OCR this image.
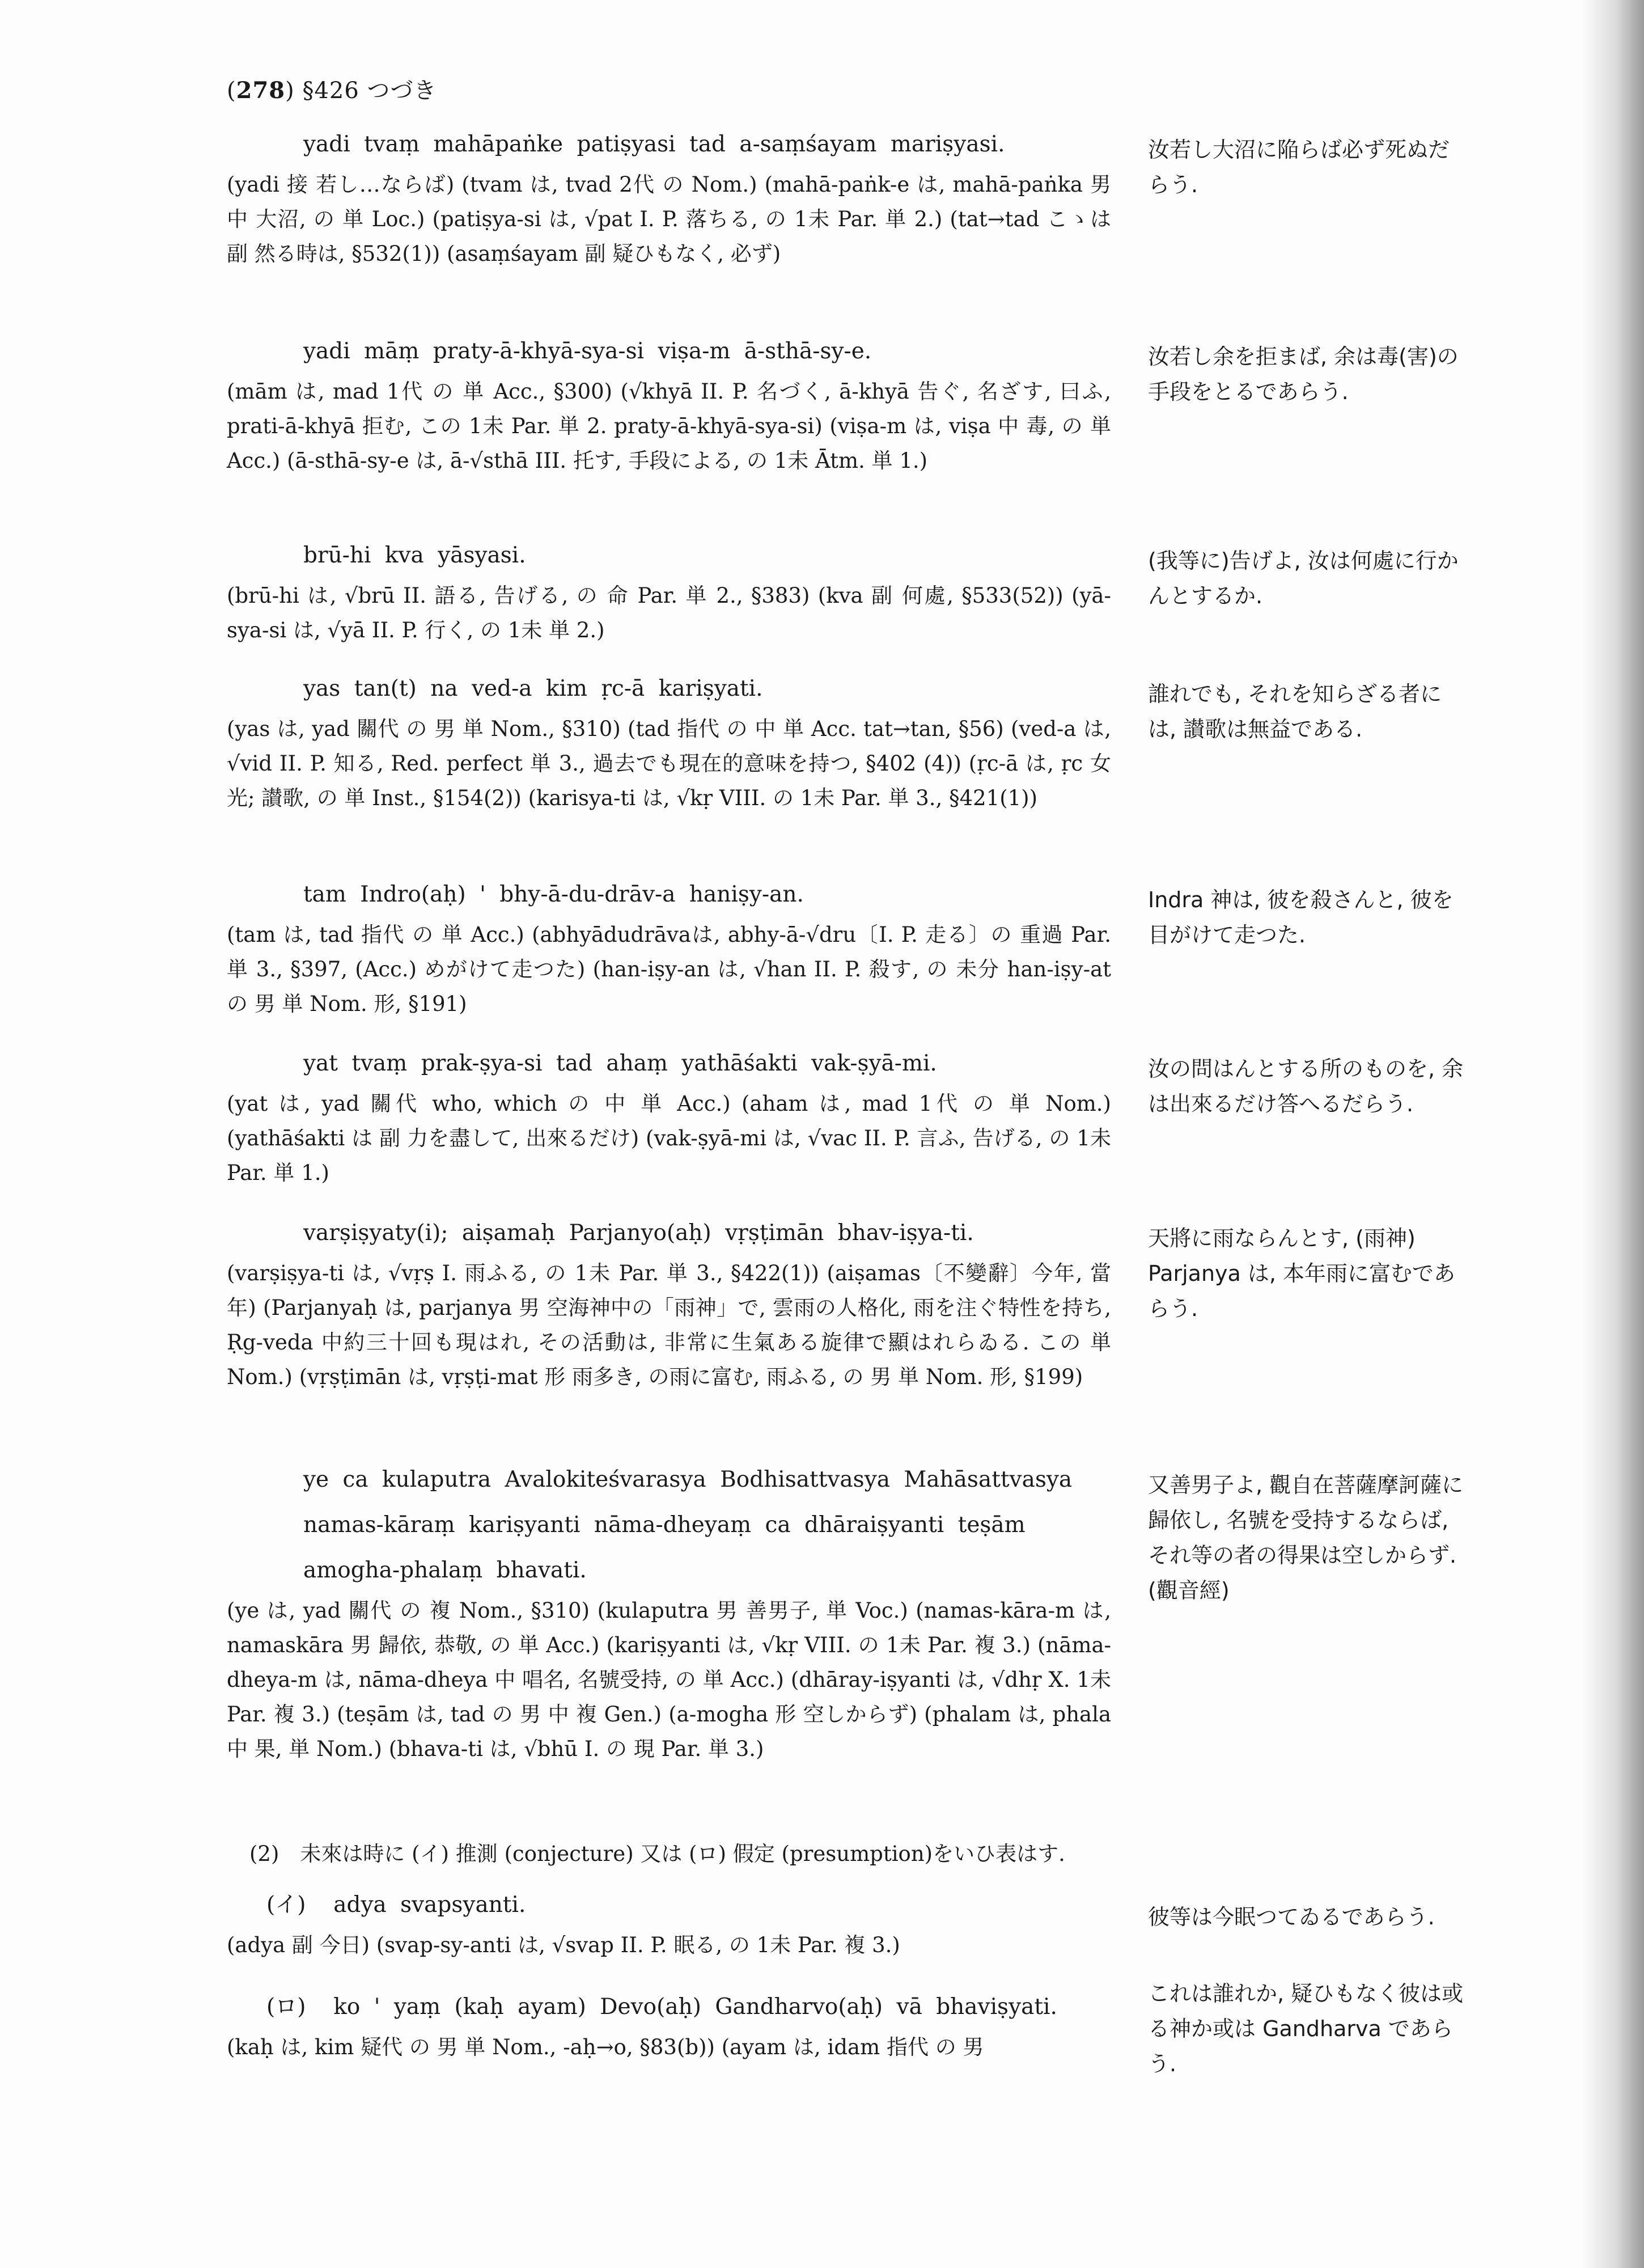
(278) §426 つづき
yadi tvaṃ mahāpaṅke patiṣyasi tad a-saṃśayam mariṣyasi.
(yadi 接 若し…ならば) (tvam は, tvad 2代 の Nom.) (mahā-paṅk-e は, mahā-paṅka 男中 大沼, の 単 Loc.) (patiṣya-si は, √pat I. P. 落ちる, の 1未 Par. 単 2.) (tat→tad こゝは 副 然る時は, §532(1)) (asaṃśayam 副 疑ひもなく, 必ず)
汝若し大沼に陥らば必ず死ぬだらう.
yadi māṃ praty-ā-khyā-sya-si viṣa-m ā-sthā-sy-e.
(mām は, mad 1代 の 単 Acc., §300) (√khyā II. P. 名づく, ā-khyā 告ぐ, 名ざす, 曰ふ, prati-ā-khyā 拒む, この 1未 Par. 単 2. praty-ā-khyā-sya-si) (viṣa-m は, viṣa 中 毒, の 単 Acc.) (ā-sthā-sy-e は, ā-√sthā III. 托す, 手段による, の 1未 Ātm. 単 1.)
汝若し余を拒まば, 余は毒(害)の手段をとるであらう.
brū-hi kva yāsyasi.
(brū-hi は, √brū II. 語る, 告げる, の 命 Par. 単 2., §383) (kva 副 何處, §533(52)) (yā-sya-si は, √yā II. P. 行く, の 1未 単 2.)
(我等に)告げよ, 汝は何處に行かんとするか.
yas tan(t) na ved-a kim ṛc-ā kariṣyati.
(yas は, yad 關代 の 男 単 Nom., §310) (tad 指代 の 中 単 Acc. tat→tan, §56) (ved-a は, √vid II. P. 知る, Red. perfect 単 3., 過去でも現在的意味を持つ, §402 (4)) (ṛc-ā は, ṛc 女 光; 讃歌, の 単 Inst., §154(2)) (karisya-ti は, √kṛ VIII. の 1未 Par. 単 3., §421(1))
誰れでも, それを知らざる者には, 讃歌は無益である.
tam Indro(aḥ) ' bhy-ā-du-drāv-a haniṣy-an.
(tam は, tad 指代 の 単 Acc.) (abhyādudrāvaは, abhy-ā-√dru〔I. P. 走る〕の 重過 Par. 単 3., §397, (Acc.) めがけて走つた) (han-iṣy-an は, √han II. P. 殺す, の 未分 han-iṣy-at の 男 単 Nom. 形, §191)
Indra 神は, 彼を殺さんと, 彼を目がけて走つた.
yat tvaṃ prak-ṣya-si tad ahaṃ yathāśakti vak-ṣyā-mi.
(yat は, yad 關代 who, which の 中 単 Acc.) (aham は, mad 1代 の 単 Nom.) (yathāśakti は 副 力を盡して, 出來るだけ) (vak-ṣyā-mi は, √vac II. P. 言ふ, 告げる, の 1未 Par. 単 1.)
汝の問はんとする所のものを, 余は出來るだけ答へるだらう.
varṣiṣyaty(i); aiṣamaḥ Parjanyo(aḥ) vṛṣṭimān bhav-iṣya-ti.
(varṣiṣya-ti は, √vṛṣ I. 雨ふる, の 1未 Par. 単 3., §422(1)) (aiṣamas〔不變辭〕今年, 當年) (Parjanyaḥ は, parjanya 男 空海神中の「雨神」で, 雲雨の人格化, 雨を注ぐ特性を持ち, Ṛg-veda 中約三十回も現はれ, その活動は, 非常に生氣ある旋律で顯はれらゐる. この 単 Nom.) (vṛṣṭimān は, vṛṣṭi-mat 形 雨多き, の雨に富む, 雨ふる, の 男 単 Nom. 形, §199)
天將に雨ならんとす, (雨神) Parjanya は, 本年雨に富むであらう.
ye ca kulaputra Avalokiteśvarasya Bodhisattvasya Mahāsattvasya
namas-kāraṃ kariṣyanti nāma-dheyaṃ ca dhāraiṣyanti teṣām
amogha-phalaṃ bhavati.
(ye は, yad 關代 の 複 Nom., §310) (kulaputra 男 善男子, 単 Voc.) (namas-kāra-m は, namaskāra 男 歸依, 恭敬, の 単 Acc.) (kariṣyanti は, √kṛ VIII. の 1未 Par. 複 3.) (nāma-dheya-m は, nāma-dheya 中 唱名, 名號受持, の 単 Acc.) (dhāray-iṣyanti は, √dhṛ X. 1未 Par. 複 3.) (teṣām は, tad の 男 中 複 Gen.) (a-mogha 形 空しからず) (phalam は, phala 中 果, 単 Nom.) (bhava-ti は, √bhū I. の 現 Par. 単 3.)
又善男子よ, 觀自在菩薩摩訶薩に歸依し, 名號を受持するならば, それ等の者の得果は空しからず.　　　(觀音經)
(2)　未來は時に (イ) 推測 (conjecture) 又は (ロ) 假定 (presumption)をいひ表はす.
(イ) adya svapsyanti.
(adya 副 今日) (svap-sy-anti は, √svap II. P. 眠る, の 1未 Par. 複 3.)
彼等は今眠つてゐるであらう.
(ロ) ko ' yaṃ (kaḥ ayam) Devo(aḥ) Gandharvo(aḥ) vā bhaviṣyati.
(kaḥ は, kim 疑代 の 男 単 Nom., -aḥ→o, §83(b)) (ayam は, idam 指代 の 男
これは誰れか, 疑ひもなく彼は或る神か或は Gandharva であらう.
